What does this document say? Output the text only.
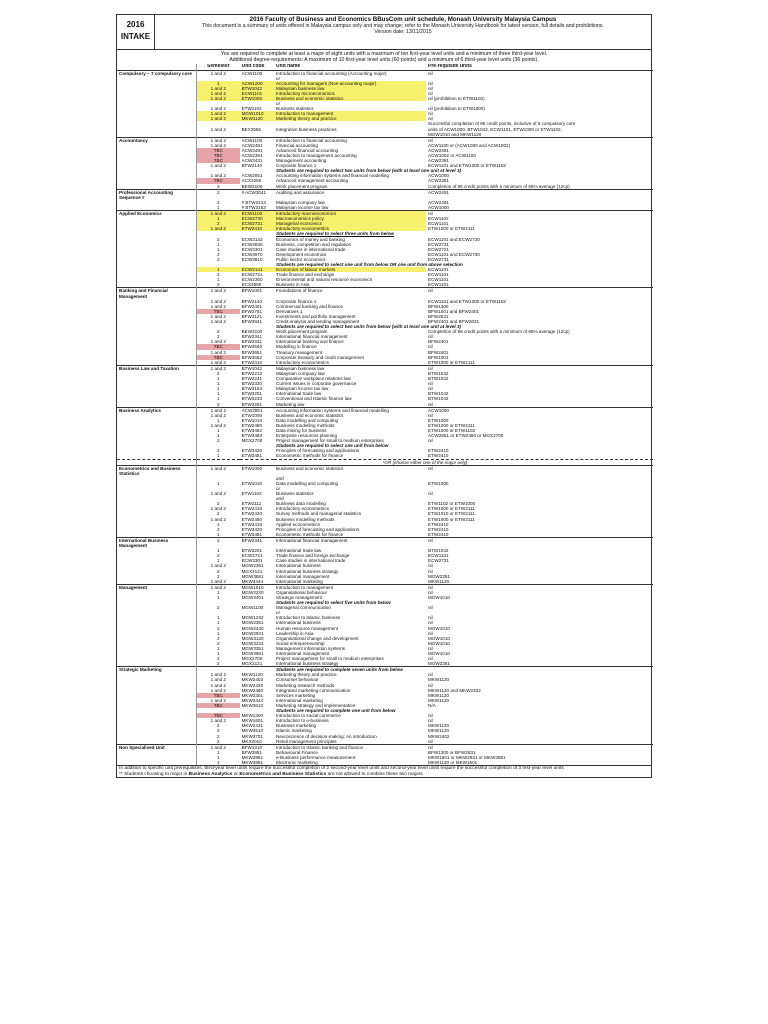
2016
INTAKE
2016 Faculty of Business and Economics BBusCom unit schedule, Monash University Malaysia Campus
This document is a summary of units offered in Malaysia campus only and may change; refer to the Monash University Handbook for latest version, full details and prohibitions.
Version date: 13/11/2015
You are required to complete at least a major of eight units with a maximum of ten first-year level units and a minimum of three third-year level.
Additional degree-requirements: A maximum of 10 first-year level units (60 points) and a minimum of 6 third-year level units (36 points).
	Semester	Unit code	Unit name	Pre-requisite units
Compulsory ~ 7 compulsory core	1 and 2	ACW1100	Introduction to financial accounting (Accounting major)	nil
			or	
	1	ACW1200	Accounting for managers (Non-accounting major)	nil
	1 and 2	BTW1042	Malaysian business law	nil
	1 and 2	ECW1101	Introductory microeconomics	nil
	1 and 2	ETW1000	Business and economic statistics	nil (prohibition to ETW1102)
			or	
	1 and 2	ETW1102	Business statistics	nil (prohibition to ETW1000)
	1 and 2	MGW1010	Introduction to management	nil
	1 and 2	MKW1120	Marketing theory and practice	nil
				Successful completion of 96 credit points, inclusive of 6 compulsory core
	1 and 2	BEX3555	Integrative business practices	units of ACW1000, BTW1042, ECW1101, ETW1000 or ETW1102,
				MGW1010 and MKW1120
Accountancy	1 and 2	ACW1100	Introduction to financial accounting	nil
	1 and 2	ACW2491	Financial accounting	ACW1100 or (ACW1000 and ACW1002)
	TBC	ACW3491	Advanced financial accounting	ACW2491
	TBC	ACW2391	Introduction to management accounting	ACW1002 or ACW1100
	TBC	ACW3431	Management accounting	ACW2391
	1 and 2	BFW2140	Corporate finance 1	ECW1101 and ETW1000 or ETW1102
			Students are required to select two units from below (with at least one unit at level 3)	
	1 and 2	ACW2851	Accounting information systems and financial modelling	ACW1000
	TBC	ACX3250	Advanced management accounting	ACW2391
	2	BEW3100	Work placement program	Completion of 96 credit points with a minimum of 65% average (12cp)
Professional Accounting Sequence #	2	# ACW3041	Auditing and assurance	ACW2491
	2	# BTW2213	Malaysian company law	ACW2491
	1	# BTW3153	Malaysian income tax law	ACW1000
Applied Economics	1 and 2	ECW1102	Introductory macroeconomics	nil
	1	ECW2730	Macroeconomics policy	ECW1102
	2	ECW2731	Managerial economics	ECW1101
	1 and 2	ETW2410	Introductory econometrics	ETW1000 or ETW2111
			Students are required to select three units from below	
	2	ECW3143	Economics of money and banking	ECW1101 and ECW2730
	1	ECW3830	Business, competition and regulation	ECW2731
	1	ECW3301	Case studies in international trade	ECW2721
	2	ECW3670	Development economics	ECW1101 and ECW2730
	2	ECW3810	Public sector economics	ECW2731
			Students are required to select one unit from below OR one unit from above selection	
	1	ECW2141	Economics of labour markets	ECW1101
	2	ECW2721	Trade finance and exchange	ECW1101
	1	ECW2360	Environmental and natural resource economics	ECW1101
	2	ECX3550	Business in Asia	ECW1101
Banking and Financial Management	1 and 2	BFW1001	Foundations of finance	nil
	1 and 2	BFW2140	Corporate finance 1	ECW1101 and ETW1000 or ETW1102
	1 and 2	BFW2401	Commercial banking and finance	BFW1300
	TBC	BFW2751	Derivatives 1	BFW1001 and BFW2401
	1 and 2	BFW3121	Investments and portfolio management	BFW2631
	1 and 2	BFW3841	Credit analysis and lending management	BFW2401 and BFW2631
			Students are required to select two units from below (with at least one unit at level 3)	
	2	BEW3100	Work placement program	Completion of 96 credit points with a minimum of 65% average (12cp)
	2	BFW2341	International financial management	nil
	1 and 2	BFW3331	International banking and finance	BFW2401
	TBC	BFW3540	Modelling in finance	nil
	1 and 2	BFW3651	Treasury management	BFW2401
	TBC	BFW3652	Corporate treasury and credit management	BFW1001
	1 and 2	ETW2410	Introductory econometrics	ETW1000 or ETW2111
Business Law and Taxation	1 and 2	BTW1042	Malaysian business law	nil
	2	BTW2213	Malaysian company law	BTW1042
	1	BTW2241	Comparative workplace relations law	BTW1042
	1	BTW2320	Current issues in corporate governance	nil
	1	BTW3153	Malaysian income tax law	nil
	1	BTW3201	International trade law	BTW1042
	1	BTW3233	Conventional and Islamic finance law	BTW1042
	2	BTW3281	Marketing law	nil
Business Analytics	1 and 2	ACW2851	Accounting information systems and financial modelling	ACW1000
	1 and 2	ETW1000	Business and economic statistics	nil
	1	ETW1010	Data modelling and computing	ETW1000
	1 and 2	ETW2480	Business modelling methods	ETW1000 or ETW2111
	1	ETW3482	Data mining for business	ETW1000 or ETW1102
	1	ETW3483	Enterprise resources planning	ACW2851 or ETW2480 or MGX2700
	2	MGX2700	Project management for small to medium enterprises	nil
			Students are required to select one unit from below	
	2	ETW3420	Principles of forecasting and applications	ETW2410
	1	ETW3481	Econometric methods for finance	ETW2410
	*OR (choose either one of the major only)			
Econometrics and Business Statistics	1 and 2	ETW1000	Business and economic statistics	nil
			and	
	1	ETW1010	Data modelling and computing	ETW1000
			or	
	1 and 2	ETW1102	Business statistics	nil
			and	
	2	ETW2111	Business data modelling	ETW1102 or ETW1000
	1 and 2	ETW2410	Introductory econometrics	ETW1000 or ETW2111
	2	ETW2420	Survey methods and managerial statistics	ETW1010 or ETW2111
	1 and 2	ETW2480	Business modelling methods	ETW1000 or ETW2111
	1	ETW3410	Applied econometrics	ETW2410
	2	ETW3420	Principles of forecasting and applications	ETW2410
	1	ETW3481	Econometric methods for finance	ETW2410
International Business Management	2	BFW2341	International financial management	nil
	1	BTW3201	International trade law	BTW1042
	2	ECW2721	Trade finance and foreign exchange	ECW1101
	1	ECW3301	Case studies in international trade	ECW2721
	1 and 2	MGW2351	International business	nil
	2	MGX3121	International business strategy	nil
	2	MGW3681	International management	MGW2351
	1 and 2	MKW3444	International marketing	MKW1120
Management	1 and 2	MGW1010	Introduction to management	nil
	1	MGW2230	Organisational behaviour	nil
	1	MGW3401	Strategic management	MGW1010
			Students are required to select five units from below	
	2	MGW1100	Managerial communication	nil
			or	
	1	MGW1232	Introduction to Islamic business	nil
	1	MGW2351	International business	nil
	2	MGW2430	Human resource management	MGW1010
	1	MGW2931	Leadership in Asia	nil
	2	MGW3130	Organisational change and development	MGW1010
	2	MGW3234	Social entrepreneurship	MGW1010
	1	MGW3351	Management information systems	nil
	1	MGW3681	International management	MGW1010
	2	MGX2700	Project management for small to medium enterprises	nil
	2	MGX3121	International business strategy	MGW2351
Strategic Marketing			Students are required to complete seven units from below	
	1 and 2	MKW1120	Marketing theory and practice	nil
	1 and 2	MKW2402	Consumer behaviour	MKW1120
	1 and 2	MKW2420	Marketing research methods	nil
	1 and 2	MKW2460	Integrated marketing communication	MKW1120 and MKW2402
	TBC	MKW3301	Services marketing	MKW1120
	1 and 2	MKW3444	International marketing	MKW1120
	TBC	MKW3610	Marketing strategy and implementation	N/A
			Students are required to complete one unit from below	
	TBC	MKW1300	Introduction to social commerce	nil
	1 and 2	MKW1601	Introduction to e-business	nil
	2	MKW2431	Business marketing	MKW1120
	2	MKW3510	Islamic marketing	MKW1120
	2	MKW3701	Neuroscience of decision-making: An introduction	MKW2402
	2	MKX2010	Retail management principles	nil
Non Specialised Unit	1 and 2	BFW1310	Introduction to Islamic banking and finance	nil
	1	BFW3851	Behavioural Finance	BFW1300 or BFW2631
	1	MKW3851	e-Business performance measurement	MKW1601 or MKW2841 or MKW3881
	1	MKW3881	Electronic marketing	MKW1120 or MKW1601
In addition to specific unit prerequisites, third-year level units require the successful completion of 2 second-year level units and second-year level units require the successful completion of 3 first-year level units
** Students choosing to major in Business Analytics or Econometrics and Business Statistics are not allowed to combine these two majors.
